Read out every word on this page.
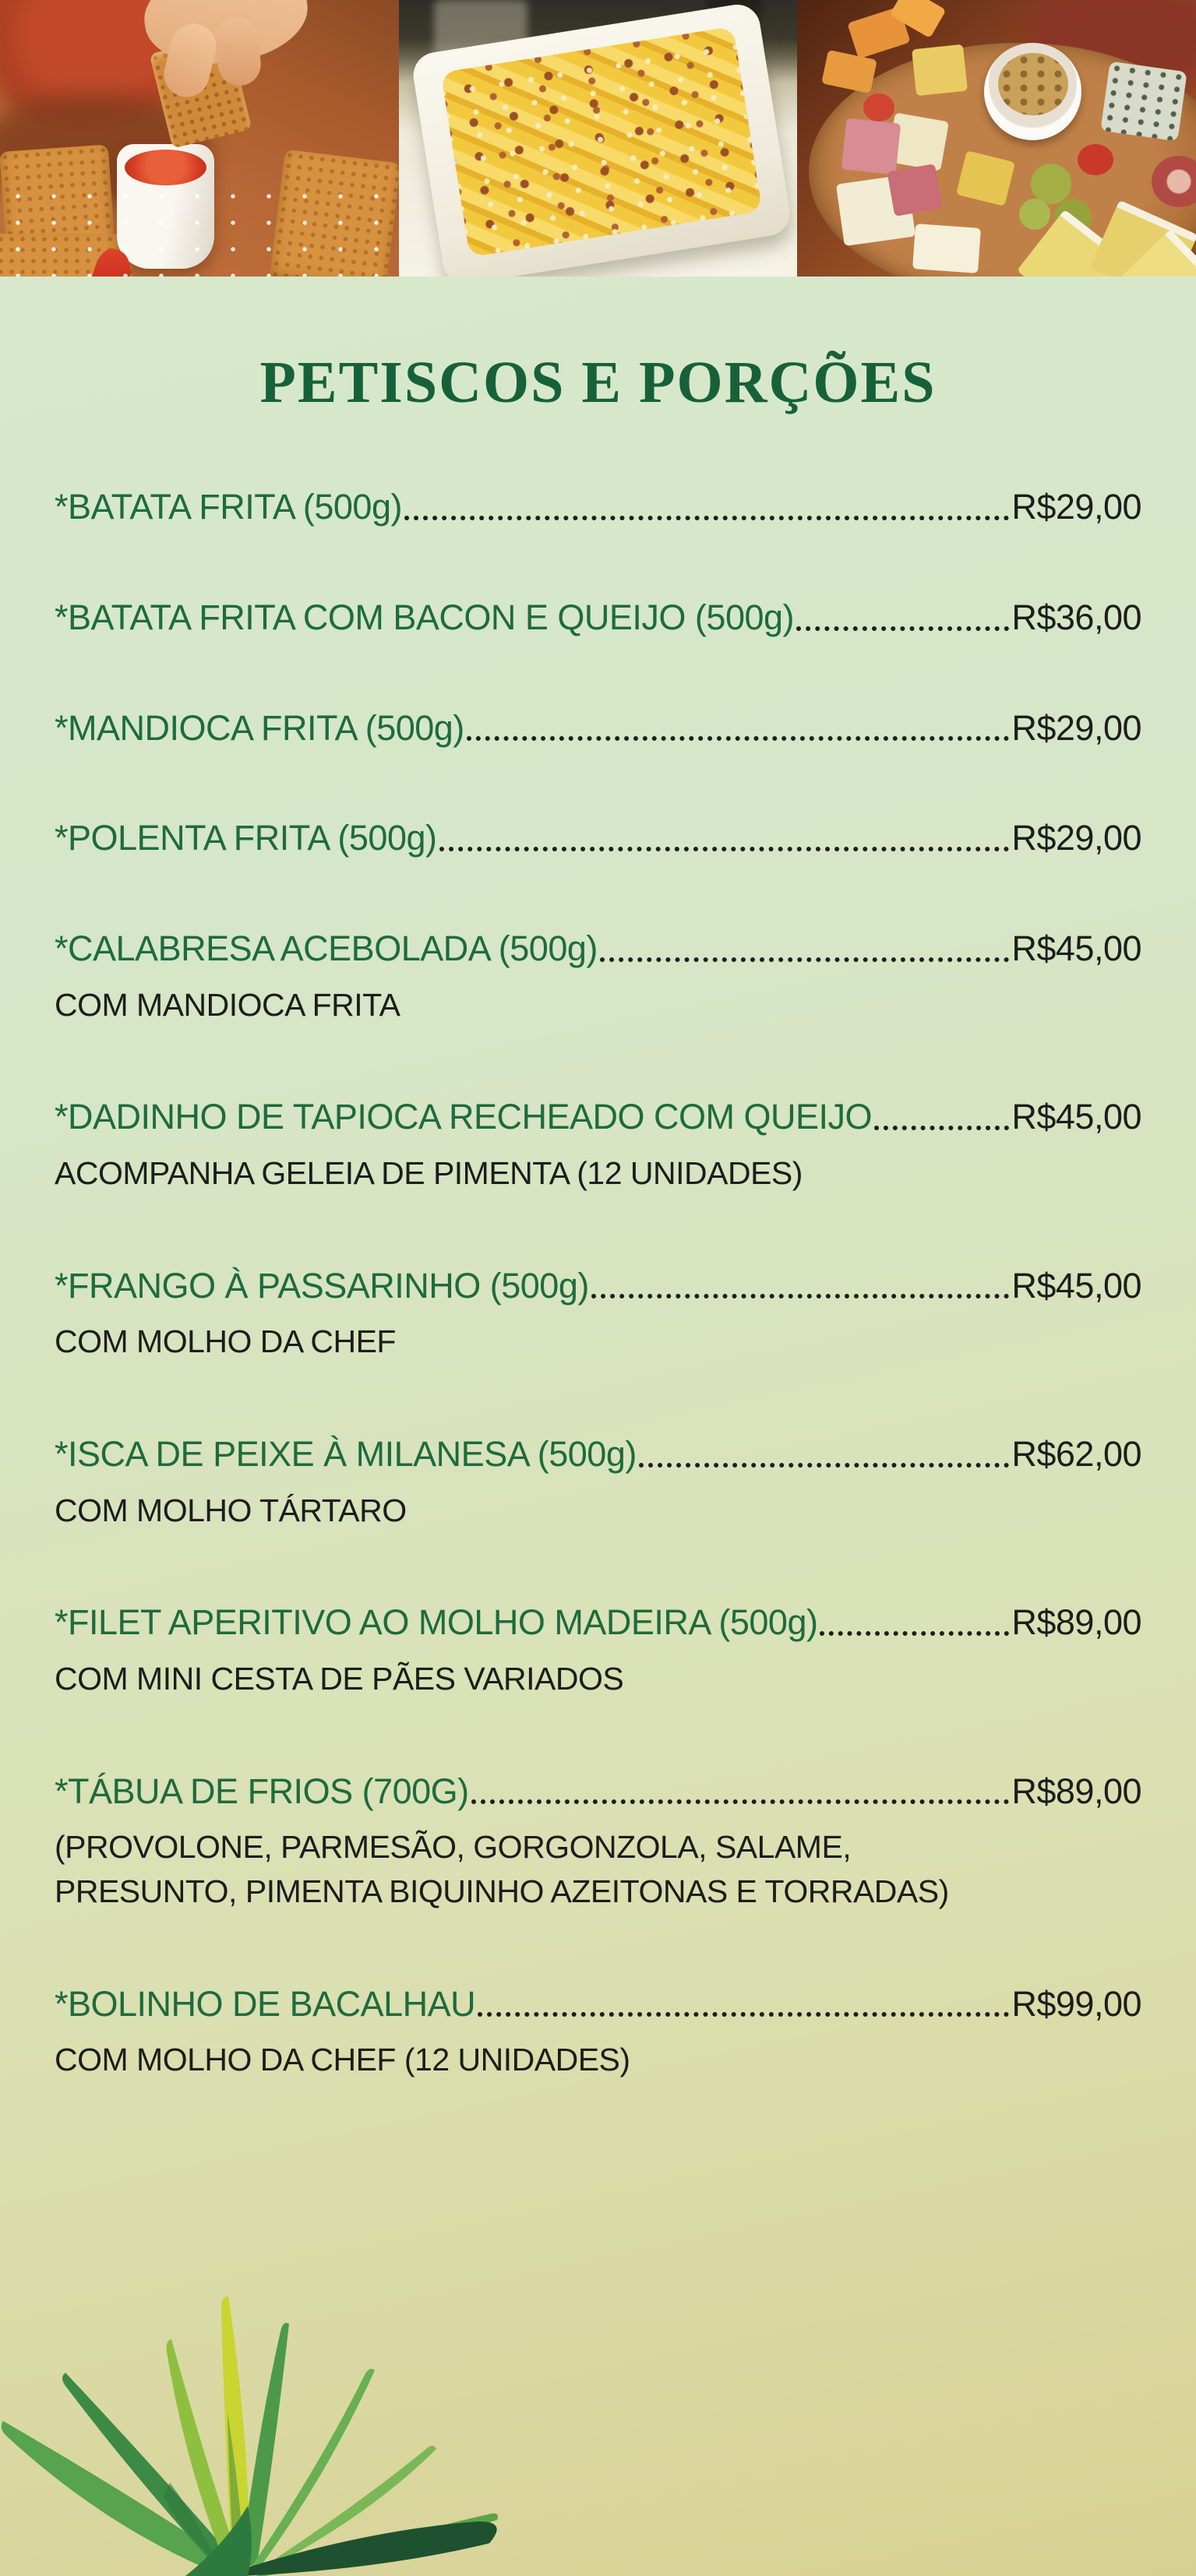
PETISCOS E PORÇÕES
*BATATA FRITA (500g)	R$29,00
*BATATA FRITA COM BACON E QUEIJO (500g)	R$36,00
*MANDIOCA FRITA (500g)	R$29,00
*POLENTA FRITA (500g)	R$29,00
*CALABRESA ACEBOLADA (500g)	R$45,00
COM MANDIOCA FRITA
*DADINHO DE TAPIOCA RECHEADO COM QUEIJO	R$45,00
ACOMPANHA GELEIA DE PIMENTA (12 UNIDADES)
*FRANGO À PASSARINHO (500g)	R$45,00
COM MOLHO DA CHEF
*ISCA DE PEIXE À MILANESA (500g)	R$62,00
COM MOLHO TÁRTARO
*FILET APERITIVO AO MOLHO MADEIRA (500g)	R$89,00
COM MINI CESTA DE PÃES VARIADOS
*TÁBUA DE FRIOS (700G)	R$89,00
(PROVOLONE, PARMESÃO, GORGONZOLA, SALAME, PRESUNTO, PIMENTA BIQUINHO AZEITONAS E TORRADAS)
*BOLINHO DE BACALHAU	R$99,00
COM MOLHO DA CHEF (12 UNIDADES)
